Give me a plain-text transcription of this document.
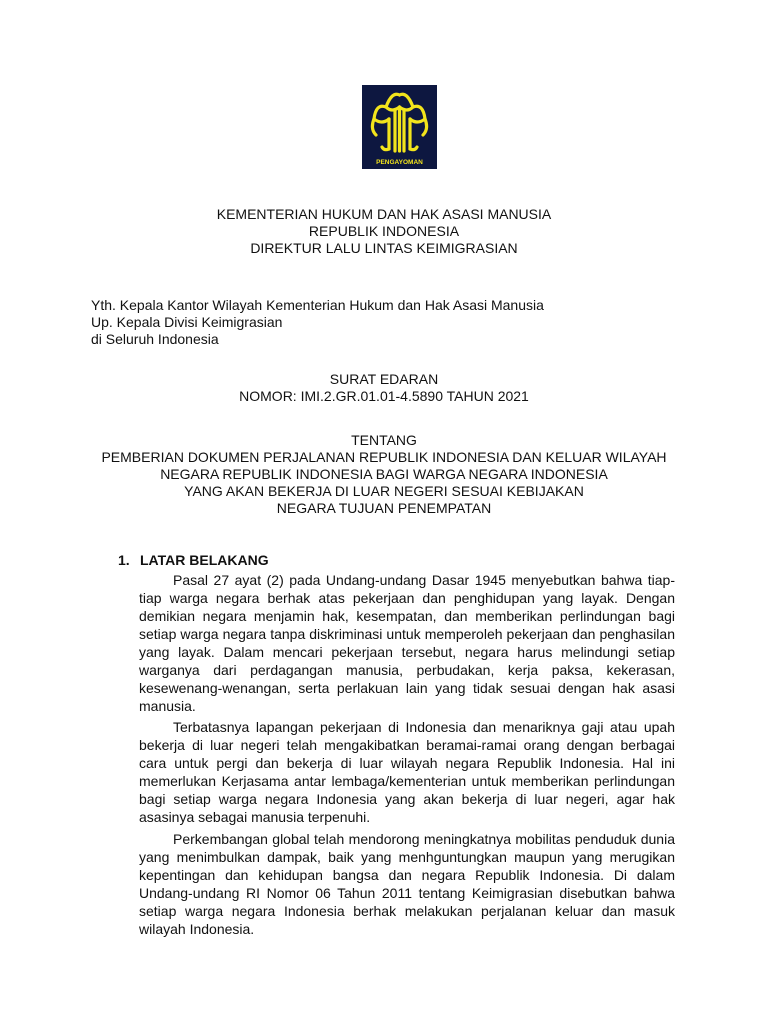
PENGAYOMAN
KEMENTERIAN HUKUM DAN HAK ASASI MANUSIA
REPUBLIK INDONESIA
DIREKTUR LALU LINTAS KEIMIGRASIAN
Yth. Kepala Kantor Wilayah Kementerian Hukum dan Hak Asasi Manusia
Up. Kepala Divisi Keimigrasian
di Seluruh Indonesia
SURAT EDARAN
NOMOR: IMI.2.GR.01.01-4.5890 TAHUN 2021
TENTANG
PEMBERIAN DOKUMEN PERJALANAN REPUBLIK INDONESIA DAN KELUAR WILAYAH
NEGARA REPUBLIK INDONESIA BAGI WARGA NEGARA INDONESIA
YANG AKAN BEKERJA DI LUAR NEGERI SESUAI KEBIJAKAN
NEGARA TUJUAN PENEMPATAN
1. LATAR BELAKANG
Pasal 27 ayat (2) pada Undang-undang Dasar 1945 menyebutkan bahwa tiap-tiap warga negara berhak atas pekerjaan dan penghidupan yang layak. Dengan demikian negara menjamin hak, kesempatan, dan memberikan perlindungan bagi setiap warga negara tanpa diskriminasi untuk memperoleh pekerjaan dan penghasilan yang layak. Dalam mencari pekerjaan tersebut, negara harus melindungi setiap warganya dari perdagangan manusia, perbudakan, kerja paksa, kekerasan, kesewenang-wenangan, serta perlakuan lain yang tidak sesuai dengan hak asasi manusia.
Terbatasnya lapangan pekerjaan di Indonesia dan menariknya gaji atau upah bekerja di luar negeri telah mengakibatkan beramai-ramai orang dengan berbagai cara untuk pergi dan bekerja di luar wilayah negara Republik Indonesia. Hal ini memerlukan Kerjasama antar lembaga/kementerian untuk memberikan perlindungan bagi setiap warga negara Indonesia yang akan bekerja di luar negeri, agar hak asasinya sebagai manusia terpenuhi.
Perkembangan global telah mendorong meningkatnya mobilitas penduduk dunia yang menimbulkan dampak, baik yang menhguntungkan maupun yang merugikan kepentingan dan kehidupan bangsa dan negara Republik Indonesia. Di dalam Undang-undang RI Nomor 06 Tahun 2011 tentang Keimigrasian disebutkan bahwa setiap warga negara Indonesia berhak melakukan perjalanan keluar dan masuk wilayah Indonesia.
